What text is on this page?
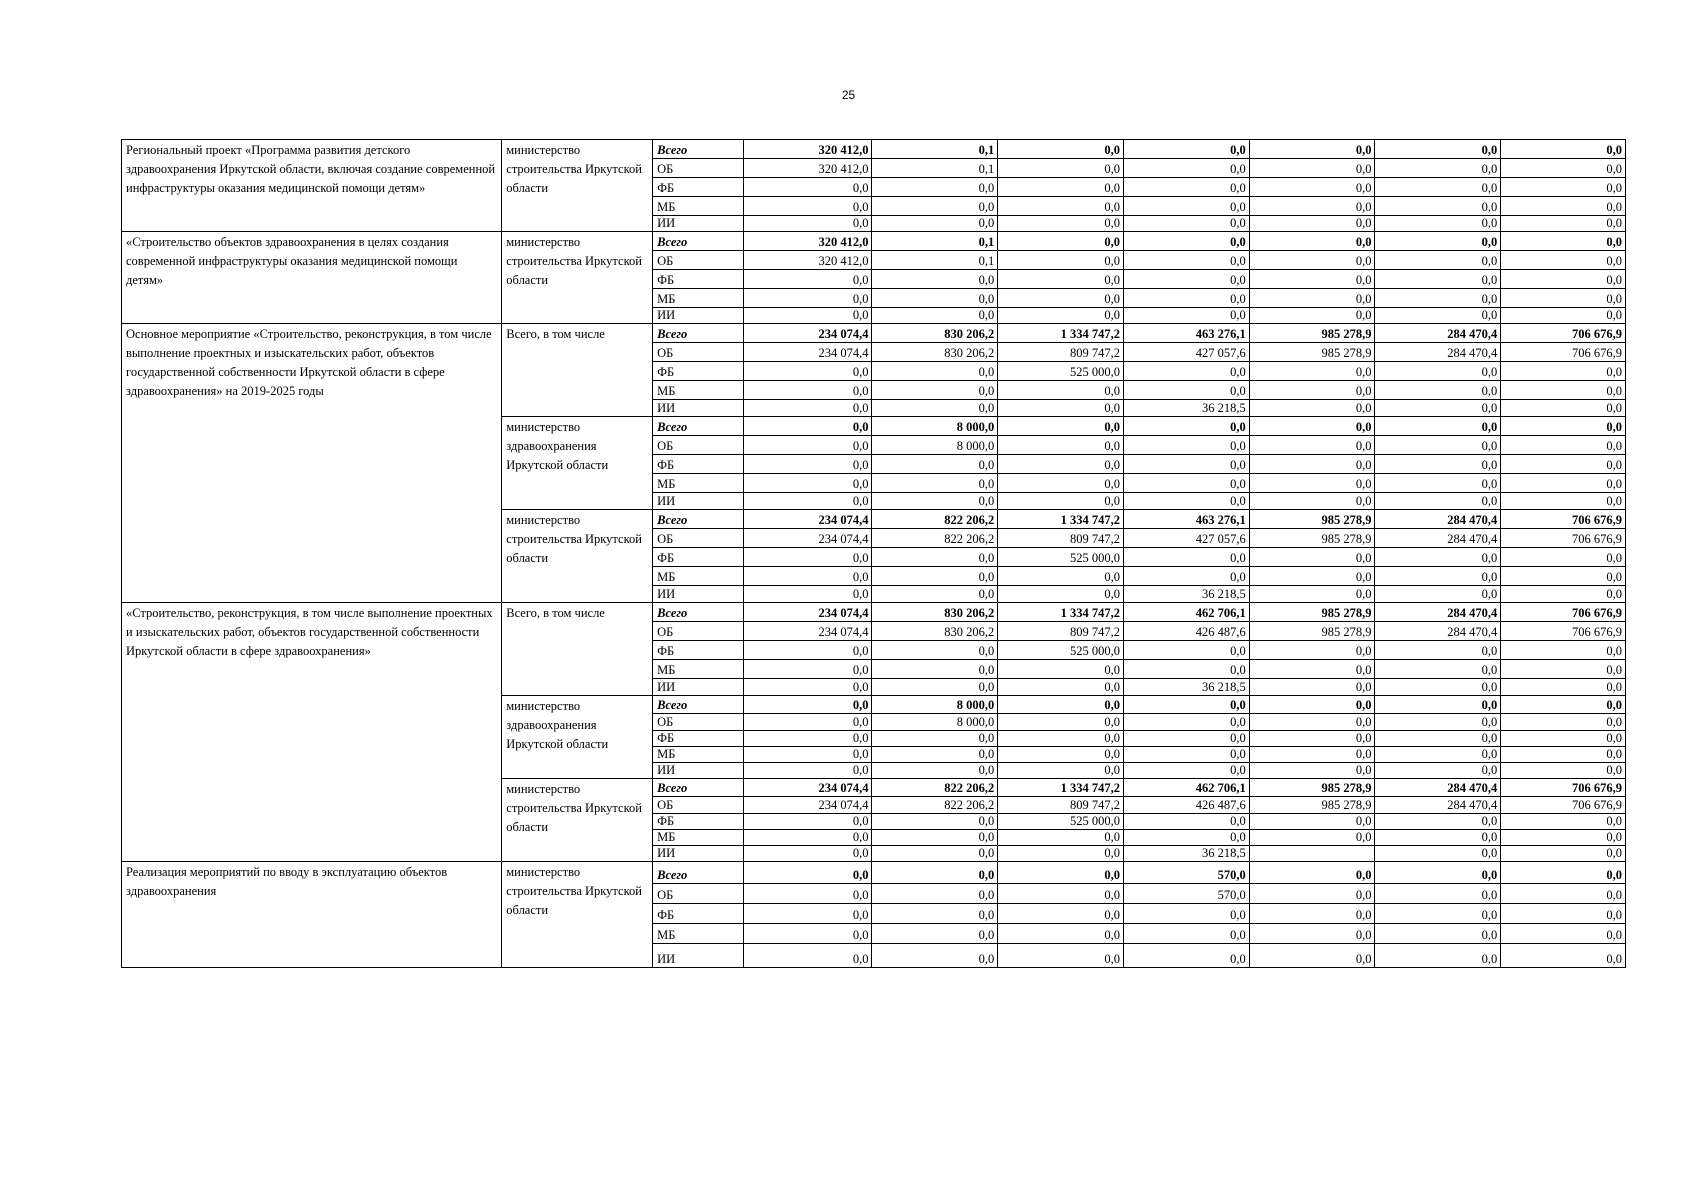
25
Региональный проект «Программа развития детского здравоохранения Иркутской области, включая создание современной инфраструктуры оказания медицинской помощи детям»	министерство строительства Иркутской области	Всего	320 412,0	0,1	0,0	0,0	0,0	0,0	0,0
		ОБ	320 412,0	0,1	0,0	0,0	0,0	0,0	0,0
		ФБ	0,0	0,0	0,0	0,0	0,0	0,0	0,0
		МБ	0,0	0,0	0,0	0,0	0,0	0,0	0,0
		ИИ	0,0	0,0	0,0	0,0	0,0	0,0	0,0
«Строительство объектов здравоохранения в целях создания современной инфраструктуры оказания медицинской помощи детям»	министерство строительства Иркутской области	Всего	320 412,0	0,1	0,0	0,0	0,0	0,0	0,0
		ОБ	320 412,0	0,1	0,0	0,0	0,0	0,0	0,0
		ФБ	0,0	0,0	0,0	0,0	0,0	0,0	0,0
		МБ	0,0	0,0	0,0	0,0	0,0	0,0	0,0
		ИИ	0,0	0,0	0,0	0,0	0,0	0,0	0,0
Основное мероприятие «Строительство, реконструкция, в том числе выполнение проектных и изыскательских работ, объектов государственной собственности Иркутской области в сфере здравоохранения» на 2019-2025 годы	Всего, в том числе	Всего	234 074,4	830 206,2	1 334 747,2	463 276,1	985 278,9	284 470,4	706 676,9
		ОБ	234 074,4	830 206,2	809 747,2	427 057,6	985 278,9	284 470,4	706 676,9
		ФБ	0,0	0,0	525 000,0	0,0	0,0	0,0	0,0
		МБ	0,0	0,0	0,0	0,0	0,0	0,0	0,0
		ИИ	0,0	0,0	0,0	36 218,5	0,0	0,0	0,0
	министерство здравоохранения Иркутской области	Всего	0,0	8 000,0	0,0	0,0	0,0	0,0	0,0
		ОБ	0,0	8 000,0	0,0	0,0	0,0	0,0	0,0
		ФБ	0,0	0,0	0,0	0,0	0,0	0,0	0,0
		МБ	0,0	0,0	0,0	0,0	0,0	0,0	0,0
		ИИ	0,0	0,0	0,0	0,0	0,0	0,0	0,0
	министерство строительства Иркутской области	Всего	234 074,4	822 206,2	1 334 747,2	463 276,1	985 278,9	284 470,4	706 676,9
		ОБ	234 074,4	822 206,2	809 747,2	427 057,6	985 278,9	284 470,4	706 676,9
		ФБ	0,0	0,0	525 000,0	0,0	0,0	0,0	0,0
		МБ	0,0	0,0	0,0	0,0	0,0	0,0	0,0
		ИИ	0,0	0,0	0,0	36 218,5	0,0	0,0	0,0
«Строительство, реконструкция, в том числе выполнение проектных и изыскательских работ, объектов государственной собственности Иркутской области в сфере здравоохранения»	Всего, в том числе	Всего	234 074,4	830 206,2	1 334 747,2	462 706,1	985 278,9	284 470,4	706 676,9
		ОБ	234 074,4	830 206,2	809 747,2	426 487,6	985 278,9	284 470,4	706 676,9
		ФБ	0,0	0,0	525 000,0	0,0	0,0	0,0	0,0
		МБ	0,0	0,0	0,0	0,0	0,0	0,0	0,0
		ИИ	0,0	0,0	0,0	36 218,5	0,0	0,0	0,0
	министерство здравоохранения Иркутской области	Всего	0,0	8 000,0	0,0	0,0	0,0	0,0	0,0
		ОБ	0,0	8 000,0	0,0	0,0	0,0	0,0	0,0
		ФБ	0,0	0,0	0,0	0,0	0,0	0,0	0,0
		МБ	0,0	0,0	0,0	0,0	0,0	0,0	0,0
		ИИ	0,0	0,0	0,0	0,0	0,0	0,0	0,0
	министерство строительства Иркутской области	Всего	234 074,4	822 206,2	1 334 747,2	462 706,1	985 278,9	284 470,4	706 676,9
		ОБ	234 074,4	822 206,2	809 747,2	426 487,6	985 278,9	284 470,4	706 676,9
		ФБ	0,0	0,0	525 000,0	0,0	0,0	0,0	0,0
		МБ	0,0	0,0	0,0	0,0	0,0	0,0	0,0
		ИИ	0,0	0,0	0,0	36 218,5		0,0	0,0
Реализация мероприятий по вводу в эксплуатацию объектов здравоохранения	министерство строительства Иркутской области	Всего	0,0	0,0	0,0	570,0	0,0	0,0	0,0
		ОБ	0,0	0,0	0,0	570,0	0,0	0,0	0,0
		ФБ	0,0	0,0	0,0	0,0	0,0	0,0	0,0
		МБ	0,0	0,0	0,0	0,0	0,0	0,0	0,0
		ИИ	0,0	0,0	0,0	0,0	0,0	0,0	0,0
